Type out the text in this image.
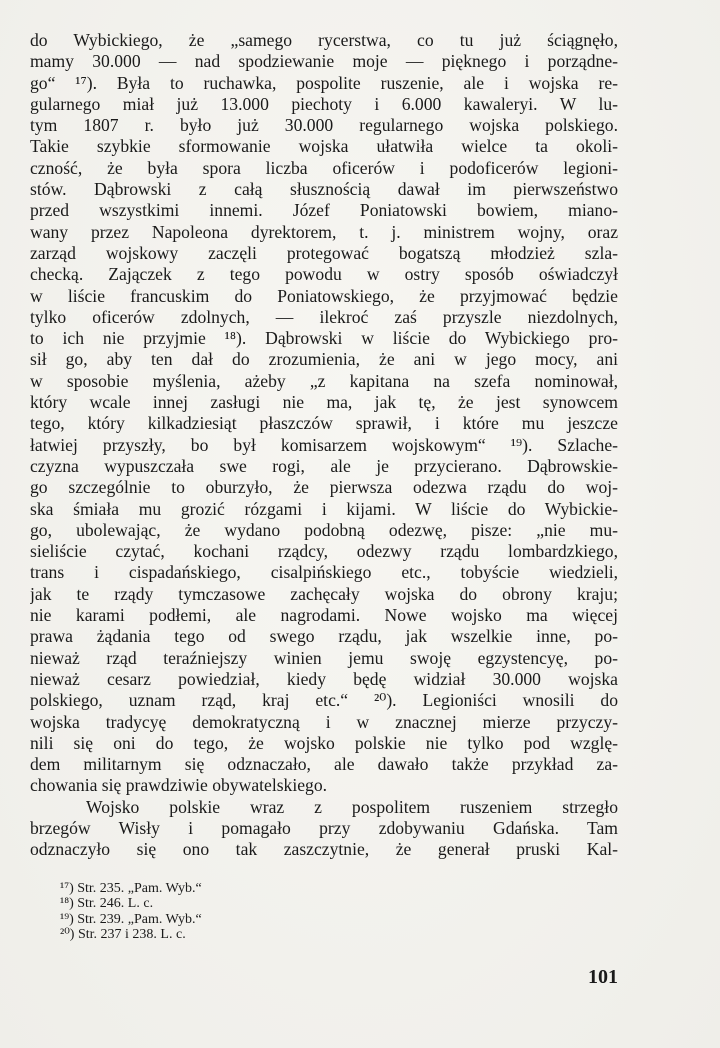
do Wybickiego, że „samego rycerstwa, co tu już ściągnęło,
mamy 30.000 — nad spodziewanie moje — pięknego i porządne-
go“ ¹⁷). Była to ruchawka, pospolite ruszenie, ale i wojska re-
gularnego miał już 13.000 piechoty i 6.000 kawaleryi. W lu-
tym 1807 r. było już 30.000 regularnego wojska polskiego.
Takie szybkie sformowanie wojska ułatwiła wielce ta okoli-
czność, że była spora liczba oficerów i podoficerów legioni-
stów. Dąbrowski z całą słusznością dawał im pierwszeństwo
przed wszystkimi innemi. Józef Poniatowski bowiem, miano-
wany przez Napoleona dyrektorem, t. j. ministrem wojny, oraz
zarząd wojskowy zaczęli protegować bogatszą młodzież szla-
checką. Zajączek z tego powodu w ostry sposób oświadczył
w liście francuskim do Poniatowskiego, że przyjmować będzie
tylko oficerów zdolnych, — ilekroć zaś przyszle niezdolnych,
to ich nie przyjmie ¹⁸). Dąbrowski w liście do Wybickiego pro-
sił go, aby ten dał do zrozumienia, że ani w jego mocy, ani
w sposobie myślenia, ażeby „z kapitana na szefa nominował,
który wcale innej zasługi nie ma, jak tę, że jest synowcem
tego, który kilkadziesiąt płaszczów sprawił, i które mu jeszcze
łatwiej przyszły, bo był komisarzem wojskowym“ ¹⁹). Szlache-
czyzna wypuszczała swe rogi, ale je przycierano. Dąbrowskie-
go szczególnie to oburzyło, że pierwsza odezwa rządu do woj-
ska śmiała mu grozić rózgami i kijami. W liście do Wybickie-
go, ubolewając, że wydano podobną odezwę, pisze: „nie mu-
sieliście czytać, kochani rządcy, odezwy rządu lombardzkiego,
trans i cispadańskiego, cisalpińskiego etc., tobyście wiedzieli,
jak te rządy tymczasowe zachęcały wojska do obrony kraju;
nie karami podłemi, ale nagrodami. Nowe wojsko ma więcej
prawa żądania tego od swego rządu, jak wszelkie inne, po-
nieważ rząd teraźniejszy winien jemu swoję egzystencyę, po-
nieważ cesarz powiedział, kiedy będę widział 30.000 wojska
polskiego, uznam rząd, kraj etc.“ ²⁰). Legioniści wnosili do
wojska tradycyę demokratyczną i w znacznej mierze przyczy-
nili się oni do tego, że wojsko polskie nie tylko pod wzglę-
dem militarnym się odznaczało, ale dawało także przykład za-
chowania się prawdziwie obywatelskiego.
Wojsko polskie wraz z pospolitem ruszeniem strzegło
brzegów Wisły i pomagało przy zdobywaniu Gdańska. Tam
odznaczyło się ono tak zaszczytnie, że generał pruski Kal-
¹⁷) Str. 235. „Pam. Wyb.“
¹⁸) Str. 246. L. c.
¹⁹) Str. 239. „Pam. Wyb.“
²⁰) Str. 237 i 238. L. c.
101
